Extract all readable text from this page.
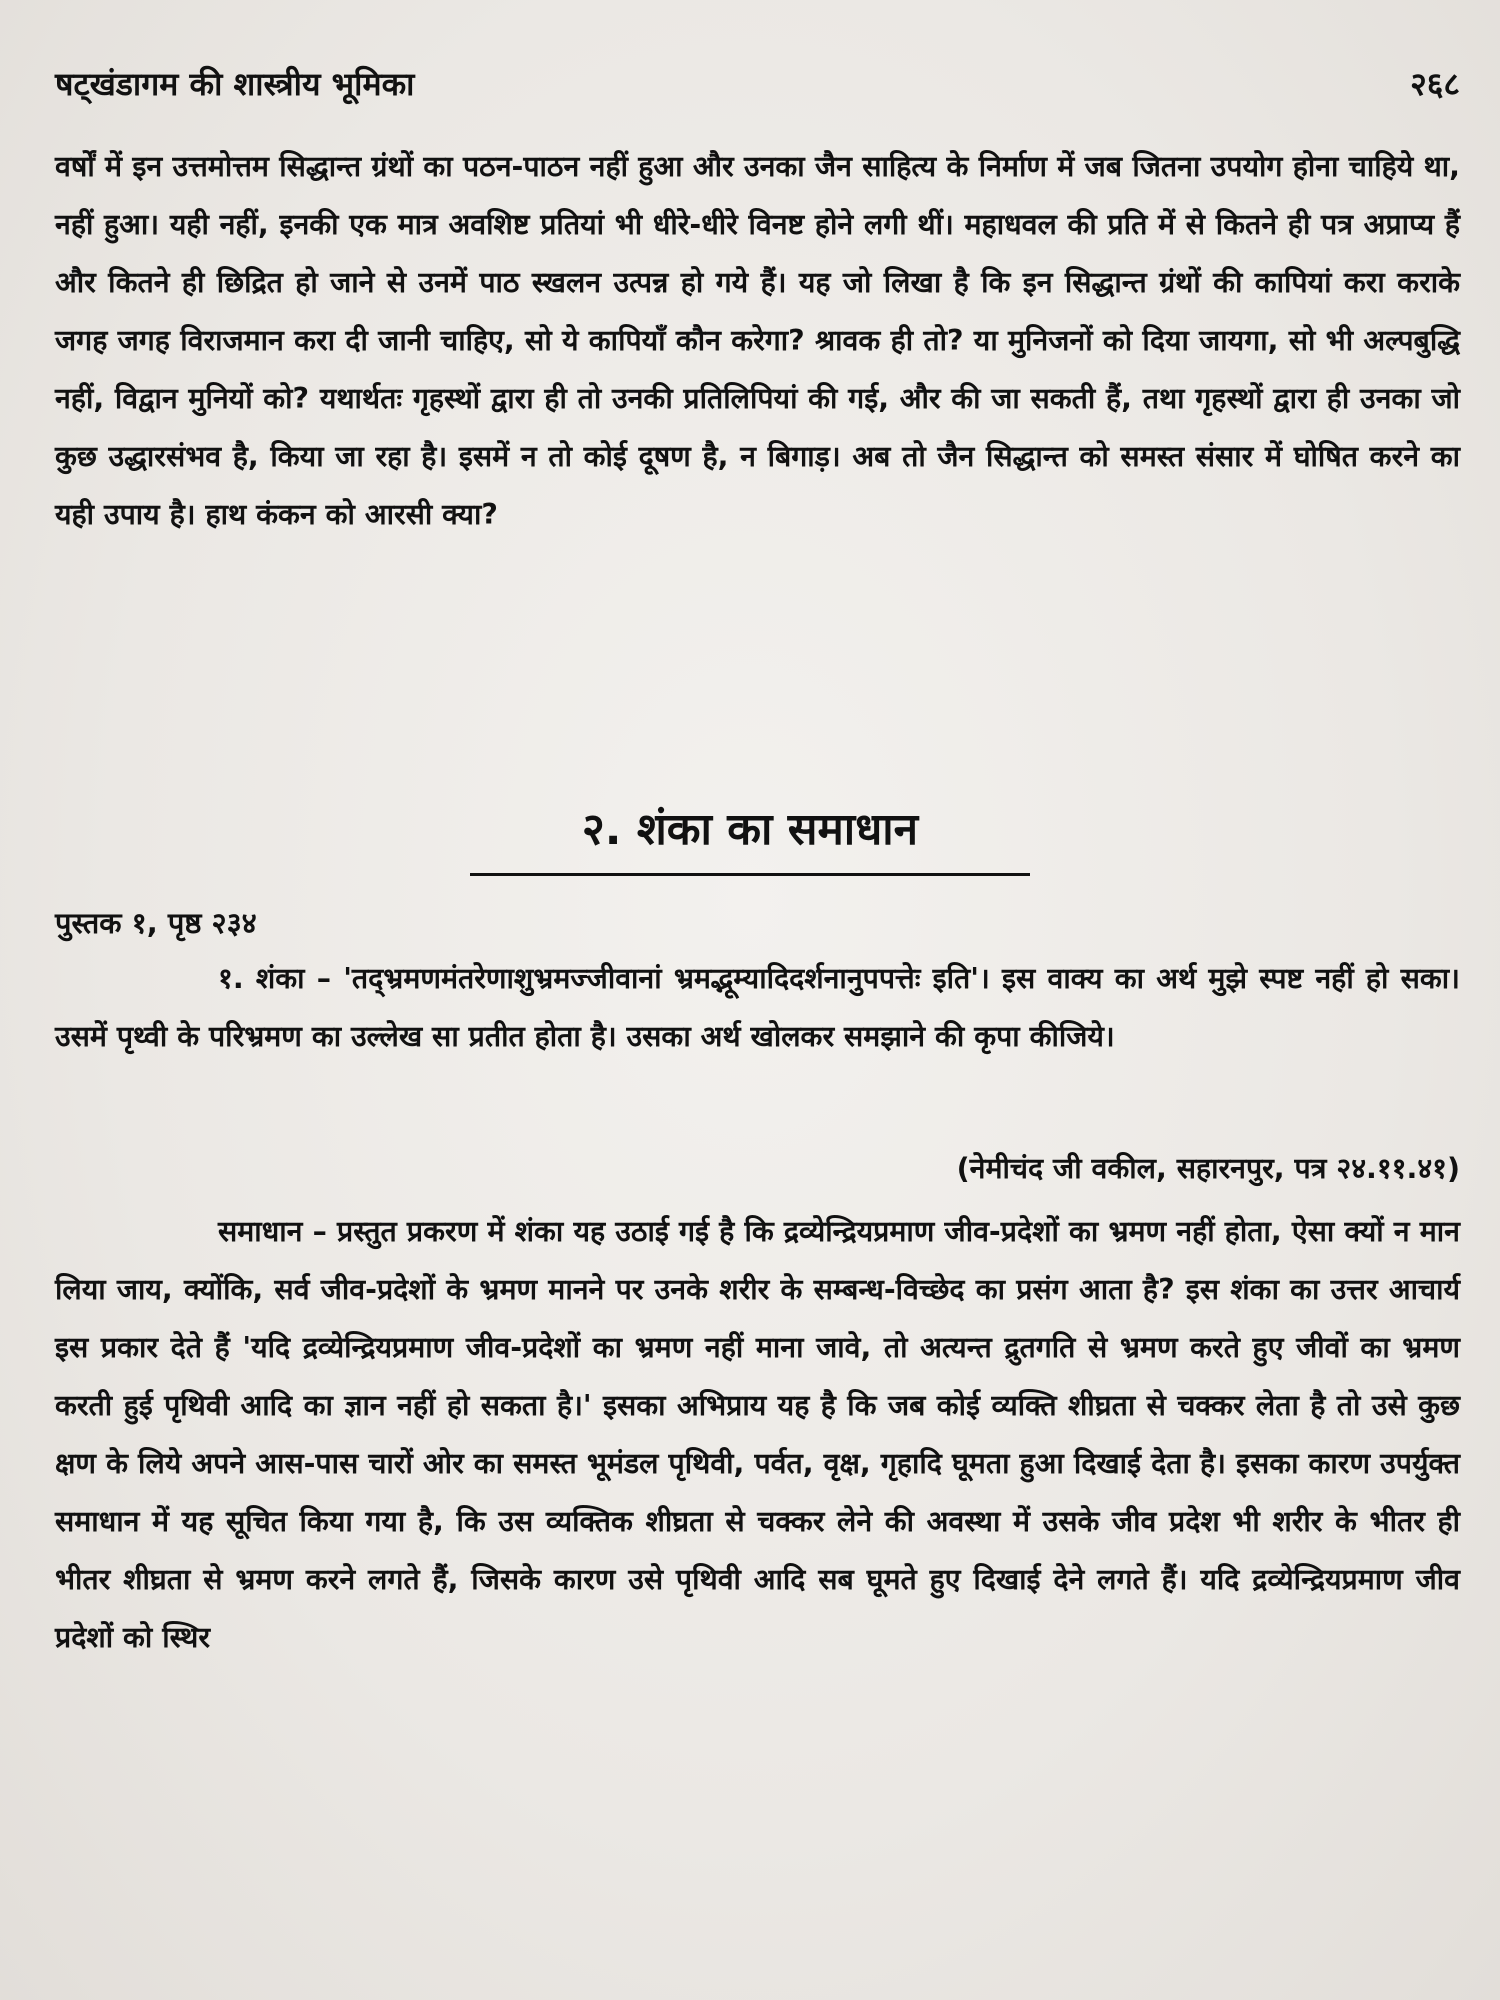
षट्खंडागम की शास्त्रीय भूमिका	२६८

वर्षों में इन उत्तमोत्तम सिद्धान्त ग्रंथों का पठन-पाठन नहीं हुआ और उनका जैन साहित्य के निर्माण में जब जितना उपयोग होना चाहिये था, नहीं हुआ। यही नहीं, इनकी एक मात्र अवशिष्ट प्रतियां भी धीरे-धीरे विनष्ट होने लगी थीं। महाधवल की प्रति में से कितने ही पत्र अप्राप्य हैं और कितने ही छिद्रित हो जाने से उनमें पाठ स्खलन उत्पन्न हो गये हैं। यह जो लिखा है कि इन सिद्धान्त ग्रंथों की कापियां करा कराके जगह जगह विराजमान करा दी जानी चाहिए, सो ये कापियाँ कौन करेगा? श्रावक ही तो? या मुनिजनों को दिया जायगा, सो भी अल्पबुद्धि नहीं, विद्वान मुनियों को? यथार्थतः गृहस्थों द्वारा ही तो उनकी प्रतिलिपियां की गई, और की जा सकती हैं, तथा गृहस्थों द्वारा ही उनका जो कुछ उद्धारसंभव है, किया जा रहा है। इसमें न तो कोई दूषण है, न बिगाड़। अब तो जैन सिद्धान्त को समस्त संसार में घोषित करने का यही उपाय है। हाथ कंकन को आरसी क्या?

२. शंका का समाधान
पुस्तक १, पृष्ठ २३४

१. शंका – 'तद्भ्रमणमंतरेणाशुभ्रमज्जीवानां भ्रमद्भूम्यादिदर्शनानुपपत्तेः इति'। इस वाक्य का अर्थ मुझे स्पष्ट नहीं हो सका। उसमें पृथ्वी के परिभ्रमण का उल्लेख सा प्रतीत होता है। उसका अर्थ खोलकर समझाने की कृपा कीजिये।

(नेमीचंद जी वकील, सहारनपुर, पत्र २४.११.४१)

समाधान – प्रस्तुत प्रकरण में शंका यह उठाई गई है कि द्रव्येन्द्रियप्रमाण जीव-प्रदेशों का भ्रमण नहीं होता, ऐसा क्यों न मान लिया जाय, क्योंकि, सर्व जीव-प्रदेशों के भ्रमण मानने पर उनके शरीर के सम्बन्ध-विच्छेद का प्रसंग आता है? इस शंका का उत्तर आचार्य इस प्रकार देते हैं 'यदि द्रव्येन्द्रियप्रमाण जीव-प्रदेशों का भ्रमण नहीं माना जावे, तो अत्यन्त द्रुतगति से भ्रमण करते हुए जीवों का भ्रमण करती हुई पृथिवी आदि का ज्ञान नहीं हो सकता है।' इसका अभिप्राय यह है कि जब कोई व्यक्ति शीघ्रता से चक्कर लेता है तो उसे कुछ क्षण के लिये अपने आस-पास चारों ओर का समस्त भूमंडल पृथिवी, पर्वत, वृक्ष, गृहादि घूमता हुआ दिखाई देता है। इसका कारण उपर्युक्त समाधान में यह सूचित किया गया है, कि उस व्यक्तिक शीघ्रता से चक्कर लेने की अवस्था में उसके जीव प्रदेश भी शरीर के भीतर ही भीतर शीघ्रता से भ्रमण करने लगते हैं, जिसके कारण उसे पृथिवी आदि सब घूमते हुए दिखाई देने लगते हैं। यदि द्रव्येन्द्रियप्रमाण जीव प्रदेशों को स्थिर
